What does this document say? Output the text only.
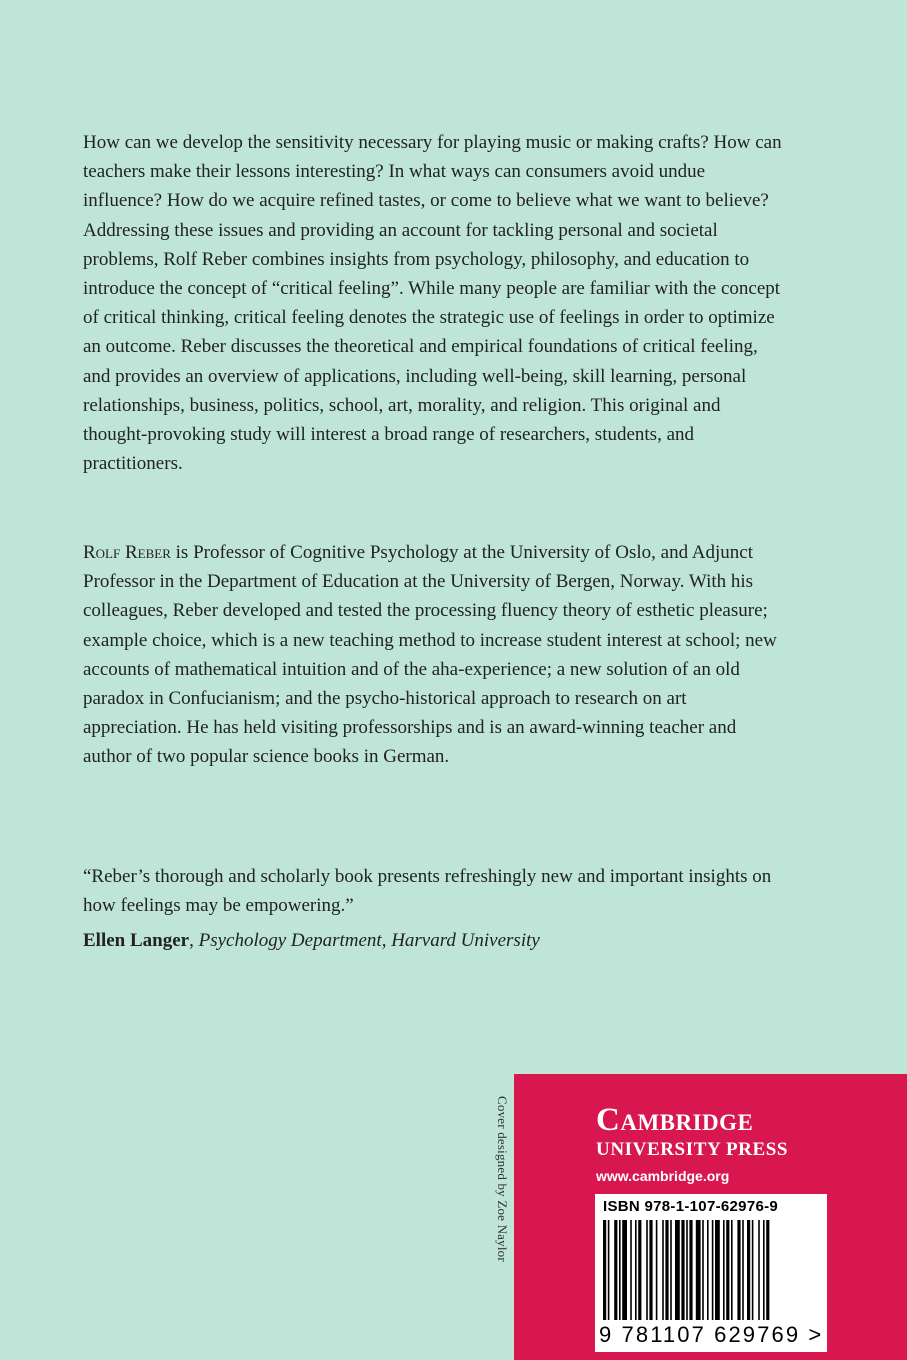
How can we develop the sensitivity necessary for playing music or making crafts? How can teachers make their lessons interesting? In what ways can consumers avoid undue influence? How do we acquire refined tastes, or come to believe what we want to believe? Addressing these issues and providing an account for tackling personal and societal problems, Rolf Reber combines insights from psychology, philosophy, and education to introduce the concept of “critical feeling”. While many people are familiar with the concept of critical thinking, critical feeling denotes the strategic use of feelings in order to optimize an outcome. Reber discusses the theoretical and empirical foundations of critical feeling, and provides an overview of applications, including well-being, skill learning, personal relationships, business, politics, school, art, morality, and religion. This original and thought-provoking study will interest a broad range of researchers, students, and practitioners.
Rolf Reber is Professor of Cognitive Psychology at the University of Oslo, and Adjunct Professor in the Department of Education at the University of Bergen, Norway. With his colleagues, Reber developed and tested the processing fluency theory of esthetic pleasure; example choice, which is a new teaching method to increase student interest at school; new accounts of mathematical intuition and of the aha-experience; a new solution of an old paradox in Confucianism; and the psycho-historical approach to research on art appreciation. He has held visiting professorships and is an award-winning teacher and author of two popular science books in German.

“Reber’s thorough and scholarly book presents refreshingly new and important insights on how feelings may be empowering.”

Ellen Langer, Psychology Department, Harvard University
Cover designed by Zoe Naylor	Cambridge
UNIVERSITY PRESS
www.cambridge.org
ISBN 978-1-107-62976-9
9 781107 629769 >
